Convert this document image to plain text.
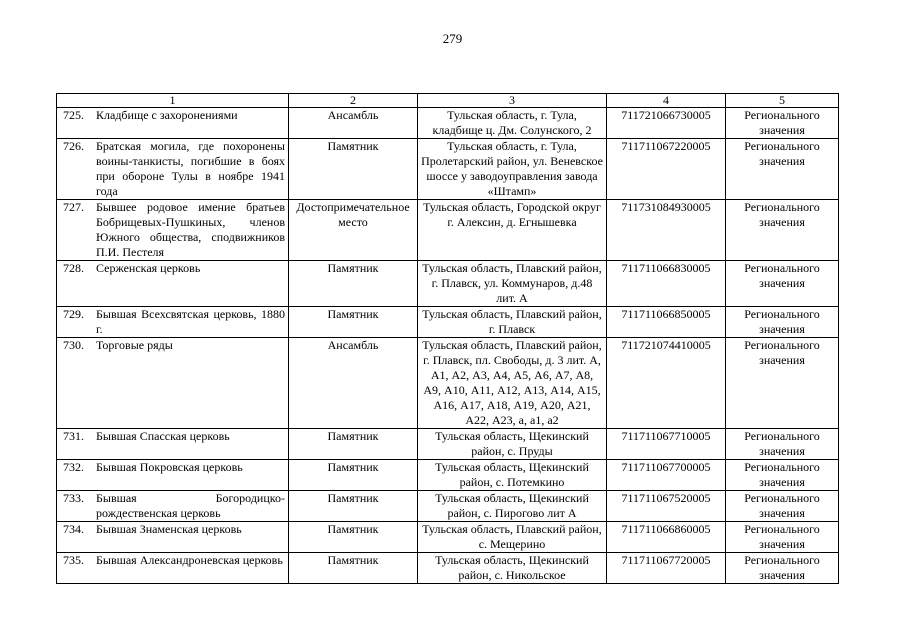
279
1	2	3	4	5

725. Кладбище с захоронениями	Ансамбль	Тульская область, г. Тула, кладбище ц. Дм. Солунского, 2	711721066730005	Регионального значения

726. Братская могила, где похоронены воины-танкисты, погибшие в боях при обороне Тулы в ноябре 1941 года	Памятник	Тульская область, г. Тула, Пролетарский район, ул. Веневское шоссе у заводоуправления завода «Штамп»	711711067220005	Регионального значения

727. Бывшее родовое имение братьев Бобрищевых-Пушкиных, членов Южного общества, сподвижников П.И. Пестеля	Достопримечательное место	Тульская область, Городской округ г. Алексин, д. Егнышевка	711731084930005	Регионального значения

728. Серженская церковь	Памятник	Тульская область, Плавский район, г. Плавск, ул. Коммунаров, д.48 лит. А	711711066830005	Регионального значения

729. Бывшая Всехсвятская церковь, 1880 г.	Памятник	Тульская область, Плавский район, г. Плавск	711711066850005	Регионального значения

730. Торговые ряды	Ансамбль	Тульская область, Плавский район, г. Плавск, пл. Свободы, д. 3 лит. А, А1, А2, А3, А4, А5, А6, А7, А8, А9, А10, А11, А12, А13, А14, А15, А16, А17, А18, А19, А20, А21, А22, А23, а, а1, а2	711721074410005	Регионального значения

731. Бывшая Спасская церковь	Памятник	Тульская область, Щекинский район, с. Пруды	711711067710005	Регионального значения

732. Бывшая Покровская церковь	Памятник	Тульская область, Щекинский район, с. Потемкино	711711067700005	Регионального значения

733. Бывшая Богородицко-рождественская церковь	Памятник	Тульская область, Щекинский район, с. Пирогово лит А	711711067520005	Регионального значения

734. Бывшая Знаменская церковь	Памятник	Тульская область, Плавский район, с. Мещерино	711711066860005	Регионального значения

735. Бывшая Александроневская церковь	Памятник	Тульская область, Щекинский район, с. Никольское	711711067720005	Регионального значения
